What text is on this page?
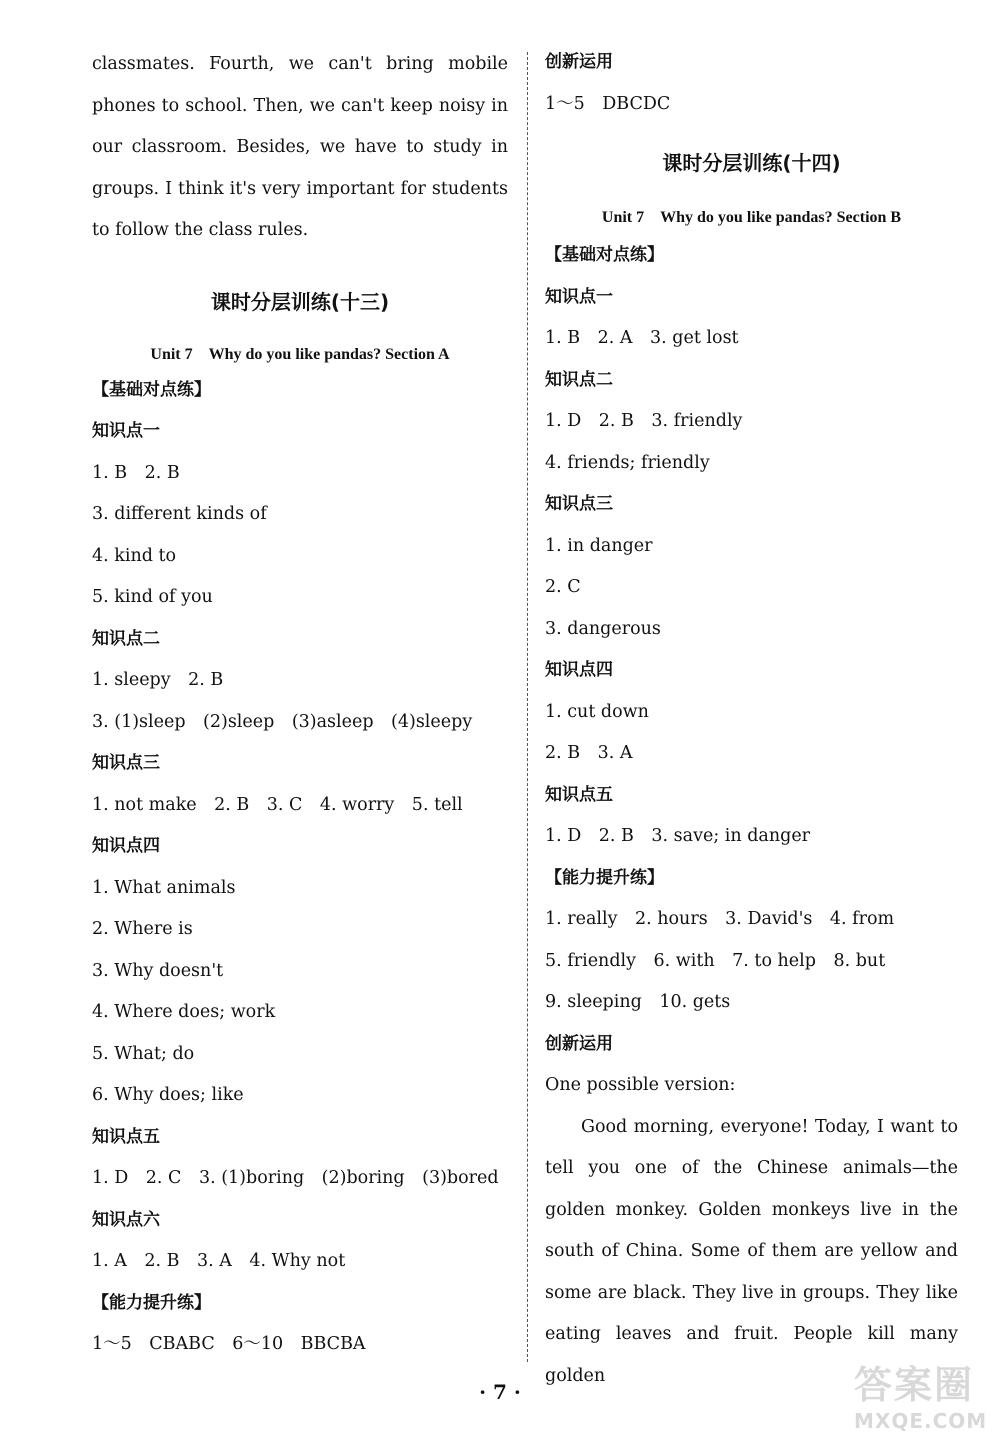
classmates. Fourth, we can't bring mobile phones to school. Then, we can't keep noisy in our classroom. Besides, we have to study in groups. I think it's very important for students to follow the class rules.
课时分层训练(十三)
Unit 7　Why do you like pandas? Section A
【基础对点练】
知识点一
1. B　2. B
3. different kinds of
4. kind to
5. kind of you
知识点二
1. sleepy　2. B
3. (1)sleep　(2)sleep　(3)asleep　(4)sleepy
知识点三
1. not make　2. B　3. C　4. worry　5. tell
知识点四
1. What animals
2. Where is
3. Why doesn't
4. Where does; work
5. What; do
6. Why does; like
知识点五
1. D　2. C　3. (1)boring　(2)boring　(3)bored
知识点六
1. A　2. B　3. A　4. Why not
【能力提升练】
1～5　CBABC　6～10　BBCBA
创新运用
1～5　DBCDC
课时分层训练(十四)
Unit 7　Why do you like pandas? Section B
【基础对点练】
知识点一
1. B　2. A　3. get lost
知识点二
1. D　2. B　3. friendly
4. friends; friendly
知识点三
1. in danger
2. C
3. dangerous
知识点四
1. cut down
2. B　3. A
知识点五
1. D　2. B　3. save; in danger
【能力提升练】
1. really　2. hours　3. David's　4. from
5. friendly　6. with　7. to help　8. but
9. sleeping　10. gets
创新运用
One possible version:
Good morning, everyone! Today, I want to tell you one of the Chinese animals—the golden monkey. Golden monkeys live in the south of China. Some of them are yellow and some are black. They live in groups. They like eating leaves and fruit. People kill many golden
· 7 ·	答案圈
MXQE.COM
